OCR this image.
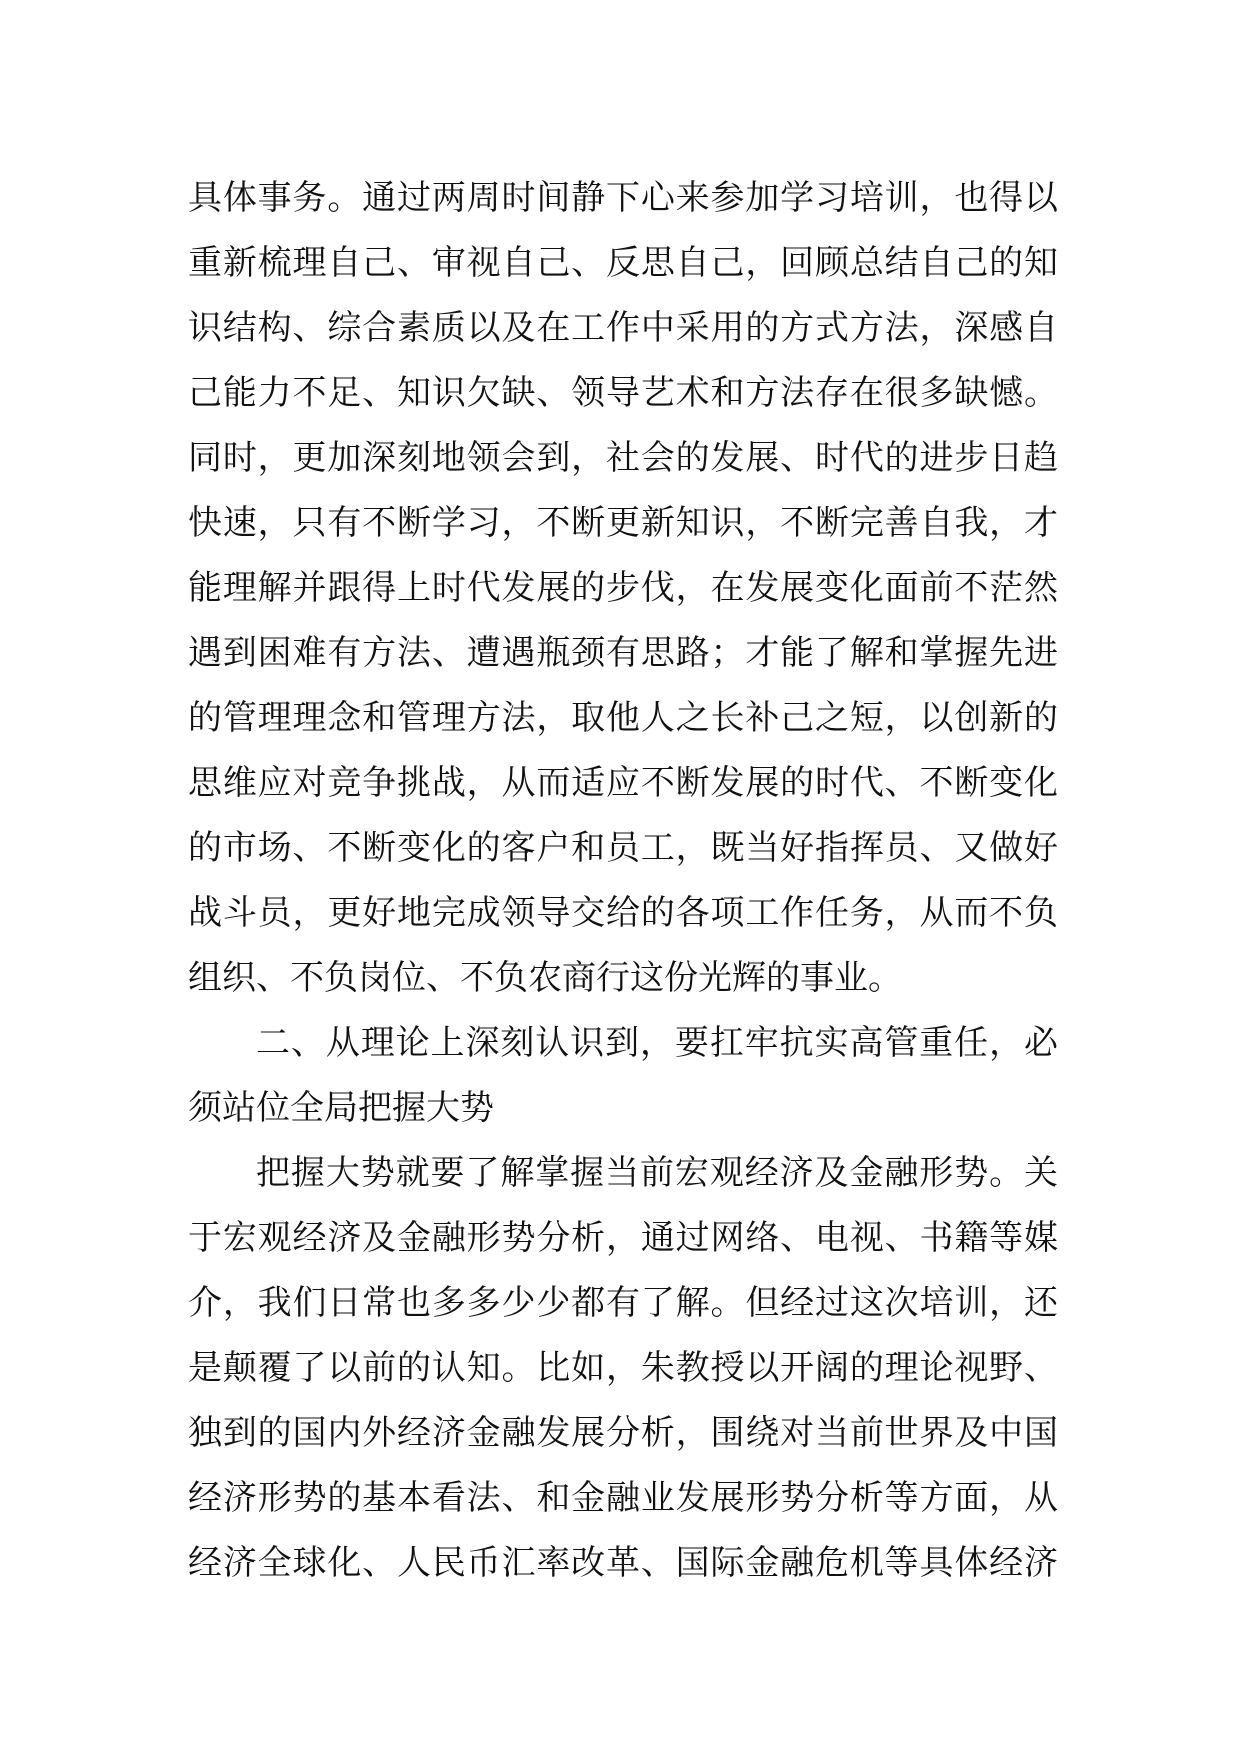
具体事务。通过两周时间静下心来参加学习培训，也得以
重新梳理自己、审视自己、反思自己，回顾总结自己的知
识结构、综合素质以及在工作中采用的方式方法，深感自
己能力不足、知识欠缺、领导艺术和方法存在很多缺憾。
同时，更加深刻地领会到，社会的发展、时代的进步日趋
快速，只有不断学习，不断更新知识，不断完善自我，才
能理解并跟得上时代发展的步伐，在发展变化面前不茫然
遇到困难有方法、遭遇瓶颈有思路；才能了解和掌握先进
的管理理念和管理方法，取他人之长补己之短，以创新的
思维应对竞争挑战，从而适应不断发展的时代、不断变化
的市场、不断变化的客户和员工，既当好指挥员、又做好
战斗员，更好地完成领导交给的各项工作任务，从而不负
组织、不负岗位、不负农商行这份光辉的事业。
二、从理论上深刻认识到，要扛牢抗实高管重任，必
须站位全局把握大势
把握大势就要了解掌握当前宏观经济及金融形势。关
于宏观经济及金融形势分析，通过网络、电视、书籍等媒
介，我们日常也多多少少都有了解。但经过这次培训，还
是颠覆了以前的认知。比如，朱教授以开阔的理论视野、
独到的国内外经济金融发展分析，围绕对当前世界及中国
经济形势的基本看法、和金融业发展形势分析等方面，从
经济全球化、人民币汇率改革、国际金融危机等具体经济
